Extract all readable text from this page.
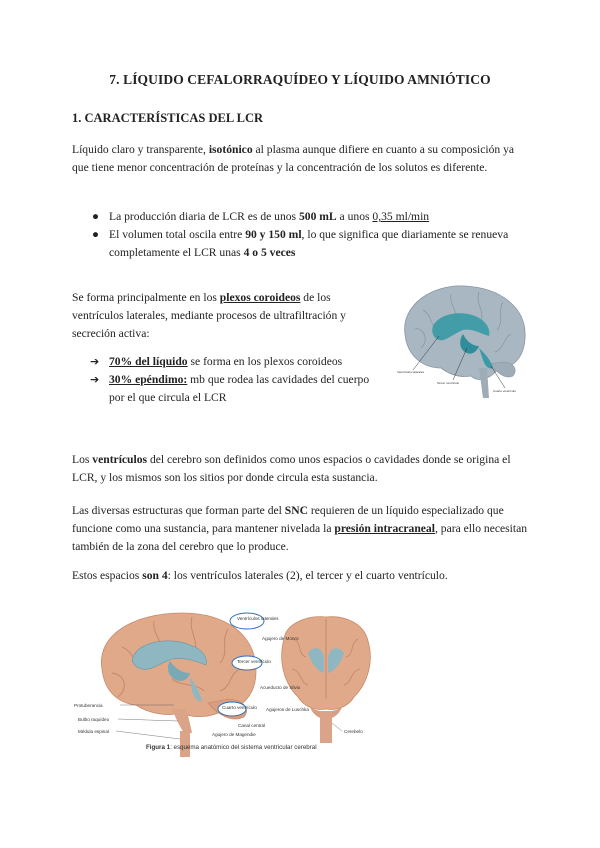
7. LÍQUIDO CEFALORRAQUÍDEO Y LÍQUIDO AMNIÓTICO
1. CARACTERÍSTICAS DEL LCR
Líquido claro y transparente, isotónico al plasma aunque difiere en cuanto a su composición ya que tiene menor concentración de proteínas y la concentración de los solutos es diferente.
● La producción diaria de LCR es de unos 500 mL a unos 0,35 ml/min
● El volumen total oscila entre 90 y 150 ml, lo que significa que diariamente se renueva completamente el LCR unas 4 o 5 veces
Se forma principalmente en los plexos coroideos de los ventrículos laterales, mediante procesos de ultrafiltración y secreción activa:
➔ 70% del líquido se forma en los plexos coroideos
➔ 30% epéndimo: mb que rodea las cavidades del cuerpo por el que circula el LCR
Ventrículos laterales
Tercer ventrículo
Cuarto ventrículo
Los ventrículos del cerebro son definidos como unos espacios o cavidades donde se origina el LCR, y los mismos son los sitios por donde circula esta sustancia.
Las diversas estructuras que forman parte del SNC requieren de un líquido especializado que funcione como una sustancia, para mantener nivelada la presión intracraneal, para ello necesitan también de la zona del cerebro que lo produce.
Estos espacios son 4: los ventrículos laterales (2), el tercer y el cuarto ventrículo.
Ventrículos laterales
Agujero de Monro
Tercer ventrículo
Acueducto de Silvio
Cuarto ventrículo Agujeros de Luschka
Canal central
Agujero de Magendie
Protuberancia
Bulbo raquídeo
Médula espinal	Cerebelo
Figura 1: esquema anatómico del sistema ventricular cerebral
